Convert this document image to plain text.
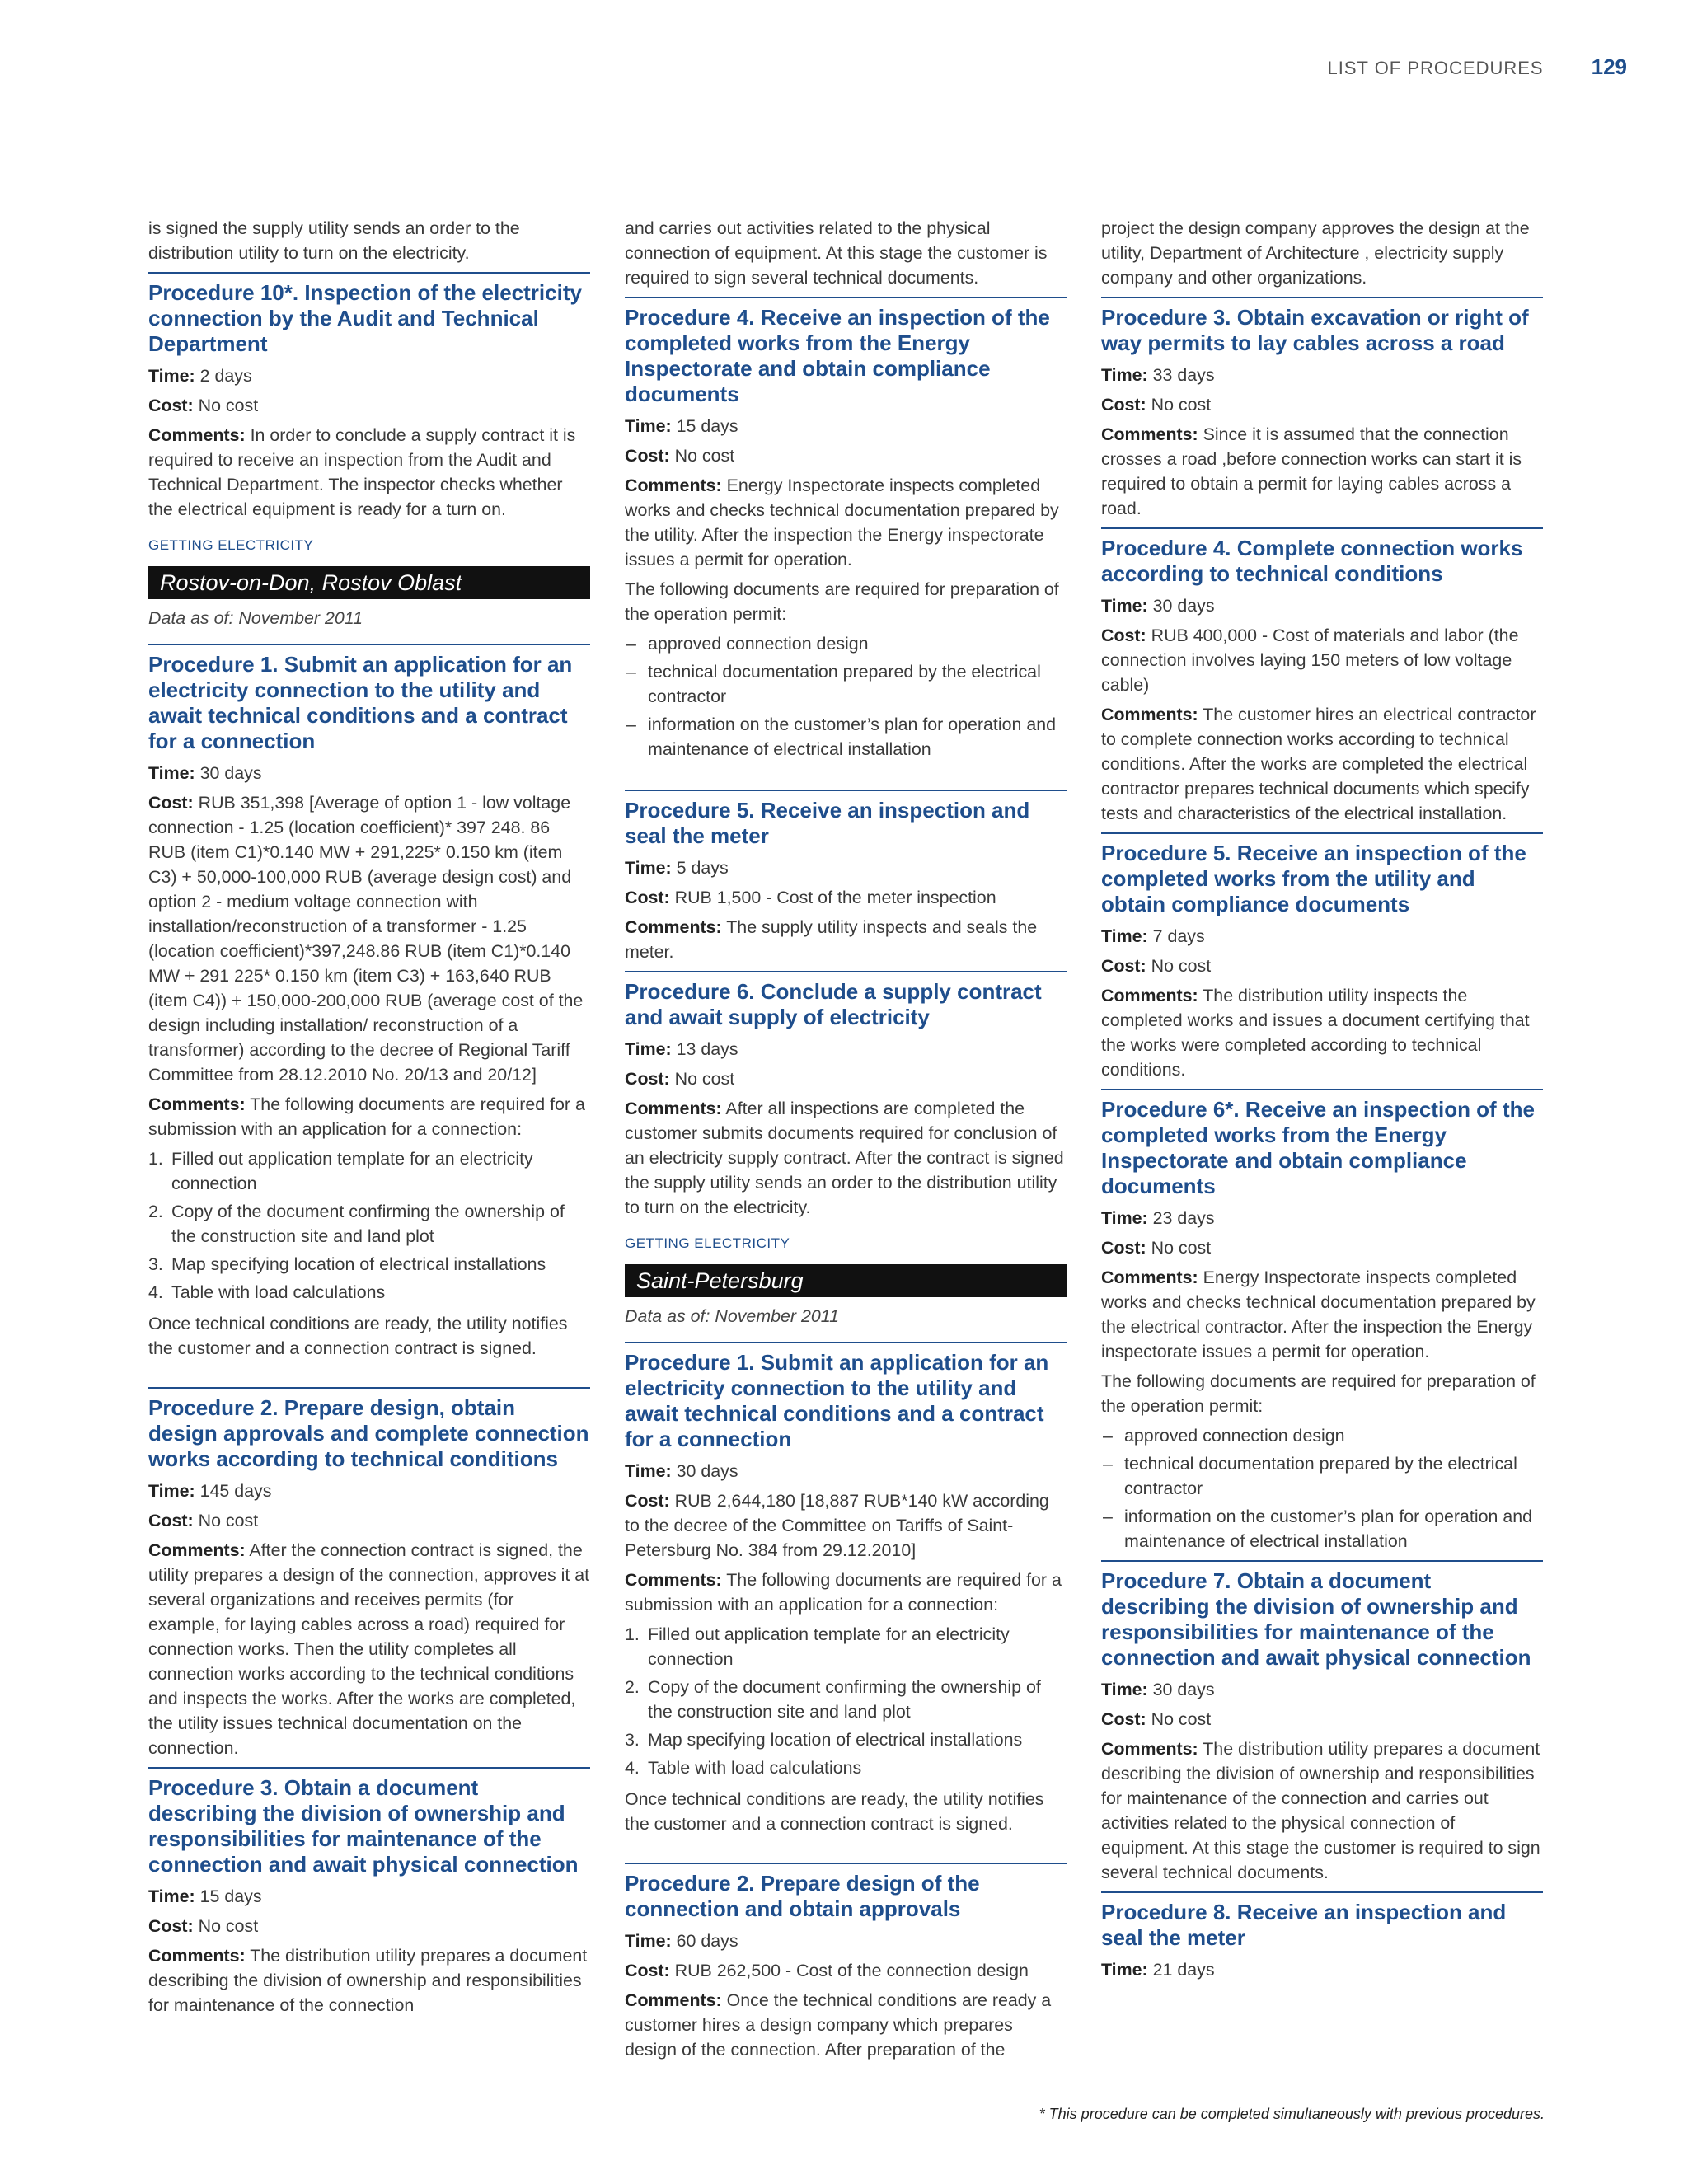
LIST OF PROCEDURES 129

is signed the supply utility sends an order to the distribution utility to turn on the electricity.

Procedure 10*. Inspection of the electricity connection by the Audit and Technical Department

Time: 2 days

Cost: No cost

Comments: In order to conclude a supply contract it is required to receive an inspection from the Audit and Technical Department. The inspector checks whether the electrical equipment is ready for a turn on.

GETTING ELECTRICITY
Rostov-on-Don, Rostov Oblast
Data as of: November 2011
Procedure 1. Submit an application for an electricity connection to the utility and await technical conditions and a contract for a connection

Time: 30 days

Cost: RUB 351,398 [Average of option 1 - low voltage connection - 1.25 (location coefficient)* 397 248. 86 RUB (item C1)*0.140 MW + 291,225* 0.150 km (item C3) + 50,000-100,000 RUB (average design cost) and option 2 - medium voltage connection with installation/reconstruction of a transformer - 1.25 (location coefficient)*397,248.86 RUB (item C1)*0.140 MW + 291 225* 0.150 km (item C3) + 163,640 RUB (item C4)) + 150,000-200,000 RUB (average cost of the design including installation/ reconstruction of a transformer) according to the decree of Regional Tariff Committee from 28.12.2010 No. 20/13 and 20/12]

Comments: The following documents are required for a submission with an application for a connection:

1. Filled out application template for an electricity connection
2. Copy of the document confirming the ownership of the construction site and land plot
3. Map specifying location of electrical installations
4. Table with load calculations

Once technical conditions are ready, the utility notifies the customer and a connection contract is signed.

Procedure 2. Prepare design, obtain design approvals and complete connection works according to technical conditions

Time: 145 days

Cost: No cost

Comments: After the connection contract is signed, the utility prepares a design of the connection, approves it at several organizations and receives permits (for example, for laying cables across a road) required for connection works. Then the utility completes all connection works according to the technical conditions and inspects the works. After the works are completed, the utility issues technical documentation on the connection.

Procedure 3. Obtain a document describing the division of ownership and responsibilities for maintenance of the connection and await physical connection

Time: 15 days

Cost: No cost

Comments: The distribution utility prepares a document describing the division of ownership and responsibilities for maintenance of the connection

and carries out activities related to the physical connection of equipment. At this stage the customer is required to sign several technical documents.

Procedure 4. Receive an inspection of the completed works from the Energy Inspectorate and obtain compliance documents

Time: 15 days

Cost: No cost

Comments: Energy Inspectorate inspects completed works and checks technical documentation prepared by the utility. After the inspection the Energy inspectorate issues a permit for operation.

The following documents are required for preparation of the operation permit:

– approved connection design
– technical documentation prepared by the electrical contractor
– information on the customer’s plan for operation and maintenance of electrical installation
Procedure 5. Receive an inspection and seal the meter

Time: 5 days

Cost: RUB 1,500 - Cost of the meter inspection

Comments: The supply utility inspects and seals the meter.

Procedure 6. Conclude a supply contract and await supply of electricity

Time: 13 days

Cost: No cost

Comments: After all inspections are completed the customer submits documents required for conclusion of an electricity supply contract. After the contract is signed the supply utility sends an order to the distribution utility to turn on the electricity.

GETTING ELECTRICITY
Saint-Petersburg
Data as of: November 2011
Procedure 1. Submit an application for an electricity connection to the utility and await technical conditions and a contract for a connection

Time: 30 days

Cost: RUB 2,644,180 [18,887 RUB*140 kW according to the decree of the Committee on Tariffs of Saint-Petersburg No. 384 from 29.12.2010]

Comments: The following documents are required for a submission with an application for a connection:

1. Filled out application template for an electricity connection
2. Copy of the document confirming the ownership of the construction site and land plot
3. Map specifying location of electrical installations
4. Table with load calculations

Once technical conditions are ready, the utility notifies the customer and a connection contract is signed.

Procedure 2. Prepare design of the connection and obtain approvals

Time: 60 days

Cost: RUB 262,500 - Cost of the connection design

Comments: Once the technical conditions are ready a customer hires a design company which prepares design of the connection. After preparation of the

project the design company approves the design at the utility, Department of Architecture , electricity supply company and other organizations.

Procedure 3. Obtain excavation or right of way permits to lay cables across a road

Time: 33 days

Cost: No cost

Comments: Since it is assumed that the connection crosses a road ,before connection works can start it is required to obtain a permit for laying cables across a road.

Procedure 4. Complete connection works according to technical conditions

Time: 30 days

Cost: RUB 400,000 - Cost of materials and labor (the connection involves laying 150 meters of low voltage cable)

Comments: The customer hires an electrical contractor to complete connection works according to technical conditions. After the works are completed the electrical contractor prepares technical documents which specify tests and characteristics of the electrical installation.

Procedure 5. Receive an inspection of the completed works from the utility and obtain compliance documents

Time: 7 days

Cost: No cost

Comments: The distribution utility inspects the completed works and issues a document certifying that the works were completed according to technical conditions.

Procedure 6*. Receive an inspection of the completed works from the Energy Inspectorate and obtain compliance documents

Time: 23 days

Cost: No cost

Comments: Energy Inspectorate inspects completed works and checks technical documentation prepared by the electrical contractor. After the inspection the Energy inspectorate issues a permit for operation.

The following documents are required for preparation of the operation permit:

– approved connection design
– technical documentation prepared by the electrical contractor
– information on the customer’s plan for operation and maintenance of electrical installation
Procedure 7. Obtain a document describing the division of ownership and responsibilities for maintenance of the connection and await physical connection

Time: 30 days

Cost: No cost

Comments: The distribution utility prepares a document describing the division of ownership and responsibilities for maintenance of the connection and carries out activities related to the physical connection of equipment. At this stage the customer is required to sign several technical documents.

Procedure 8. Receive an inspection and seal the meter

Time: 21 days

* This procedure can be completed simultaneously with previous procedures.
